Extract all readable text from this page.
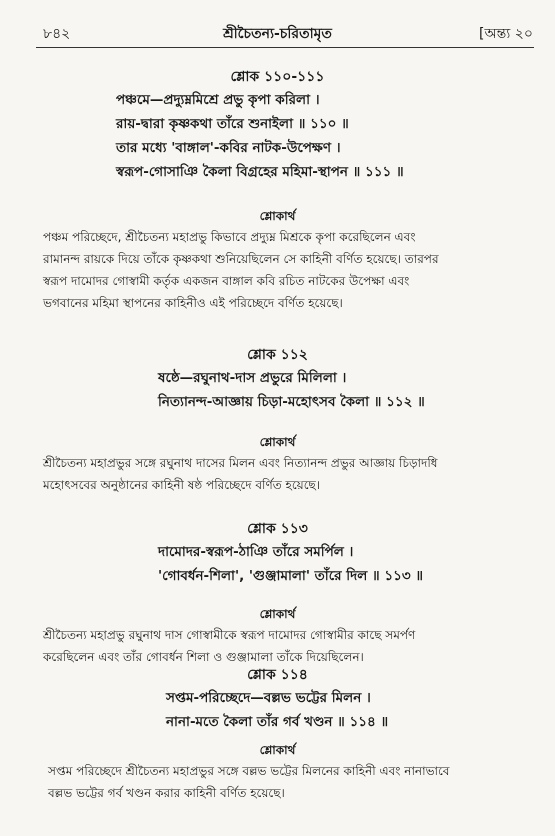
৮৪২	শ্রীচৈতন্য-চরিতামৃত	[অন্ত্য ২০
শ্লোক ১১০-১১১
পঞ্চমে—প্রদ্যুম্নমিশ্রে প্রভু কৃপা করিলা ।
রায়-দ্বারা কৃষ্ণকথা তাঁরে শুনাইলা ॥ ১১০ ॥
তার মধ্যে 'বাঙ্গাল'-কবির নাটক-উপেক্ষণ ।
স্বরূপ-গোসাঞি কৈলা বিগ্রহের মহিমা-স্থাপন ॥ ১১১ ॥
শ্লোকার্থ
পঞ্চম পরিচ্ছেদে, শ্রীচৈতন্য মহাপ্রভু কিভাবে প্রদ্যুম্ন মিশ্রকে কৃপা করেছিলেন এবং
রামানন্দ রায়কে দিয়ে তাঁকে কৃষ্ণকথা শুনিয়েছিলেন সে কাহিনী বর্ণিত হয়েছে। তারপর
স্বরূপ দামোদর গোস্বামী কর্তৃক একজন বাঙ্গাল কবি রচিত নাটকের উপেক্ষা এবং
ভগবানের মহিমা স্থাপনের কাহিনীও এই পরিচ্ছেদে বর্ণিত হয়েছে।
শ্লোক ১১২
ষষ্ঠে—রঘুনাথ-দাস প্রভুরে মিলিলা ।
নিত্যানন্দ-আজ্ঞায় চিড়া-মহোৎসব কৈলা ॥ ১১২ ॥
শ্লোকার্থ
শ্রীচৈতন্য মহাপ্রভুর সঙ্গে রঘুনাথ দাসের মিলন এবং নিত্যানন্দ প্রভুর আজ্ঞায় চিড়াদধি
মহোৎসবের অনুষ্ঠানের কাহিনী ষষ্ঠ পরিচ্ছেদে বর্ণিত হয়েছে।
শ্লোক ১১৩
দামোদর-স্বরূপ-ঠাঞি তাঁরে সমর্পিল ।
'গোবর্ধন-শিলা', 'গুঞ্জামালা' তাঁরে দিল ॥ ১১৩ ॥
শ্লোকার্থ
শ্রীচৈতন্য মহাপ্রভু রঘুনাথ দাস গোস্বামীকে স্বরূপ দামোদর গোস্বামীর কাছে সমর্পণ
করেছিলেন এবং তাঁর গোবর্ধন শিলা ও গুঞ্জামালা তাঁকে দিয়েছিলেন।
শ্লোক ১১৪
সপ্তম-পরিচ্ছেদে—বল্লভ ভট্টের মিলন ।
নানা-মতে কৈলা তাঁর গর্ব খণ্ডন ॥ ১১৪ ॥
শ্লোকার্থ
সপ্তম পরিচ্ছেদে শ্রীচৈতন্য মহাপ্রভুর সঙ্গে বল্লভ ভট্টের মিলনের কাহিনী এবং নানাভাবে
বল্লভ ভট্টের গর্ব খণ্ডন করার কাহিনী বর্ণিত হয়েছে।
